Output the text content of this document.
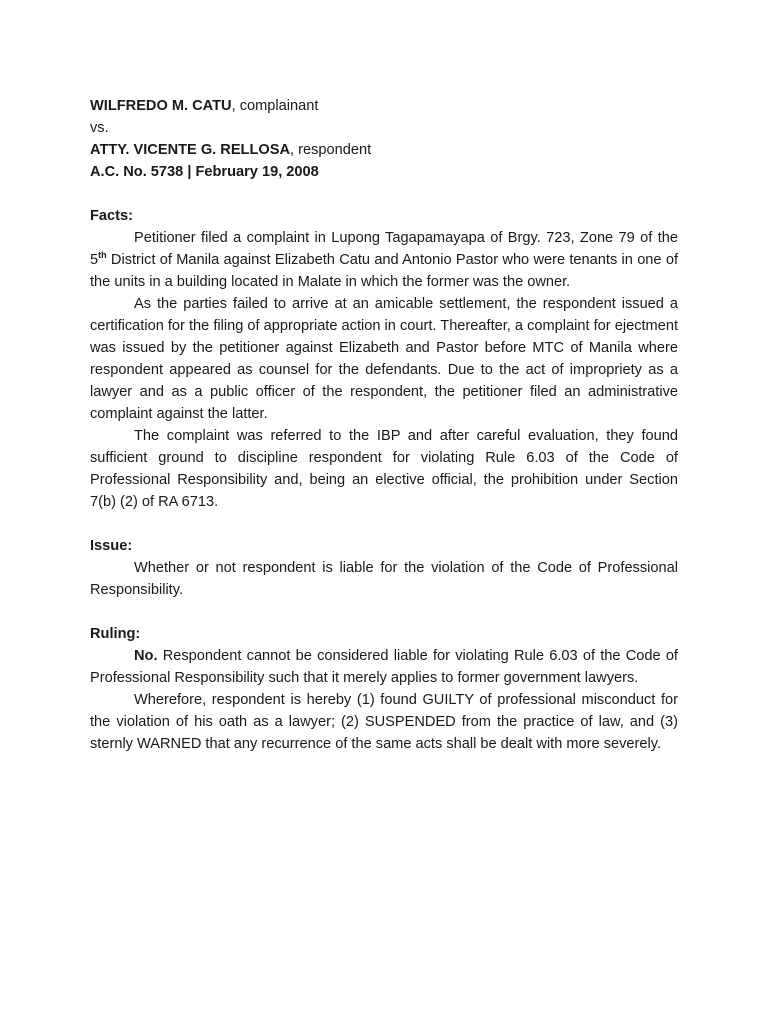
WILFREDO M. CATU, complainant

vs.

ATTY. VICENTE G. RELLOSA, respondent

A.C. No. 5738 | February 19, 2008

Facts:

Petitioner filed a complaint in Lupong Tagapamayapa of Brgy. 723, Zone 79 of the 5th District of Manila against Elizabeth Catu and Antonio Pastor who were tenants in one of the units in a building located in Malate in which the former was the owner.

As the parties failed to arrive at an amicable settlement, the respondent issued a certification for the filing of appropriate action in court. Thereafter, a complaint for ejectment was issued by the petitioner against Elizabeth and Pastor before MTC of Manila where respondent appeared as counsel for the defendants. Due to the act of impropriety as a lawyer and as a public officer of the respondent, the petitioner filed an administrative complaint against the latter.

The complaint was referred to the IBP and after careful evaluation, they found sufficient ground to discipline respondent for violating Rule 6.03 of the Code of Professional Responsibility and, being an elective official, the prohibition under Section 7(b) (2) of RA 6713.

Issue:

Whether or not respondent is liable for the violation of the Code of Professional Responsibility.

Ruling:

No. Respondent cannot be considered liable for violating Rule 6.03 of the Code of Professional Responsibility such that it merely applies to former government lawyers.

Wherefore, respondent is hereby (1) found GUILTY of professional misconduct for the violation of his oath as a lawyer; (2) SUSPENDED from the practice of law, and (3) sternly WARNED that any recurrence of the same acts shall be dealt with more severely.
